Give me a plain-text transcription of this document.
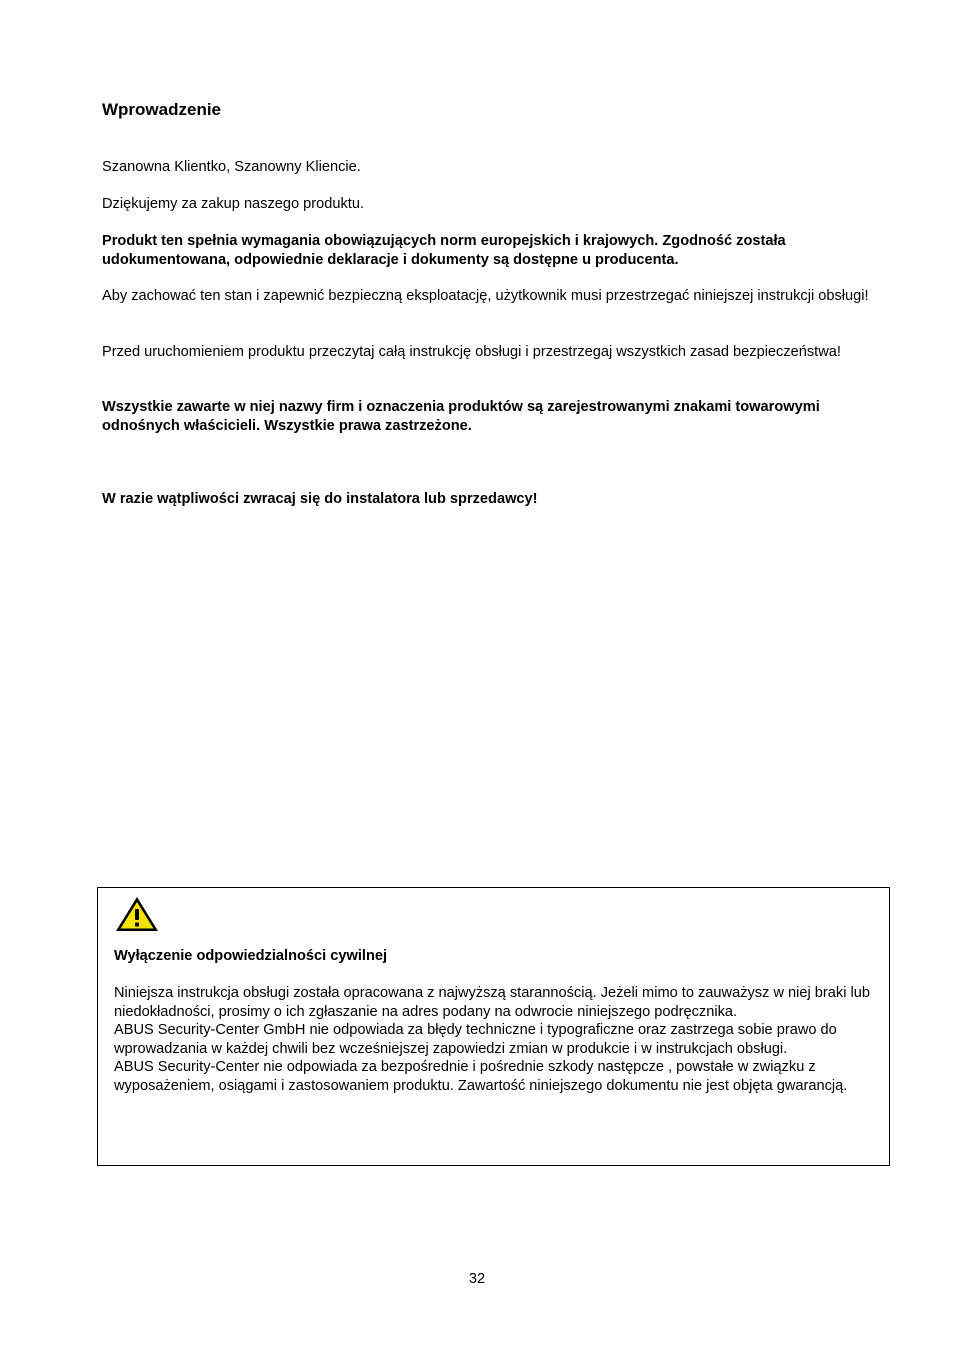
Wprowadzenie

Szanowna Klientko, Szanowny Kliencie.

Dziękujemy za zakup naszego produktu.

Produkt ten spełnia wymagania obowiązujących norm europejskich i krajowych. Zgodność została udokumentowana, odpowiednie deklaracje i dokumenty są dostępne u producenta.

Aby zachować ten stan i zapewnić bezpieczną eksploatację, użytkownik musi przestrzegać niniejszej instrukcji obsługi!

Przed uruchomieniem produktu przeczytaj całą instrukcję obsługi i przestrzegaj wszystkich zasad bezpieczeństwa!

Wszystkie zawarte w niej nazwy firm i oznaczenia produktów są zarejestrowanymi znakami towarowymi odnośnych właścicieli. Wszystkie prawa zastrzeżone.

W razie wątpliwości zwracaj się do instalatora lub sprzedawcy!

Wyłączenie odpowiedzialności cywilnej

Niniejsza instrukcja obsługi została opracowana z najwyższą starannością. Jeżeli mimo to zauważysz w niej braki lub niedokładności, prosimy o ich zgłaszanie na adres podany na odwrocie niniejszego podręcznika.
ABUS Security-Center GmbH nie odpowiada za błędy techniczne i typograficzne oraz zastrzega sobie prawo do wprowadzania w każdej chwili bez wcześniejszej zapowiedzi zmian w produkcie i w instrukcjach obsługi.
ABUS Security-Center nie odpowiada za bezpośrednie i pośrednie szkody następcze , powstałe w związku z wyposażeniem, osiągami i zastosowaniem produktu. Zawartość niniejszego dokumentu nie jest objęta gwarancją.

32
